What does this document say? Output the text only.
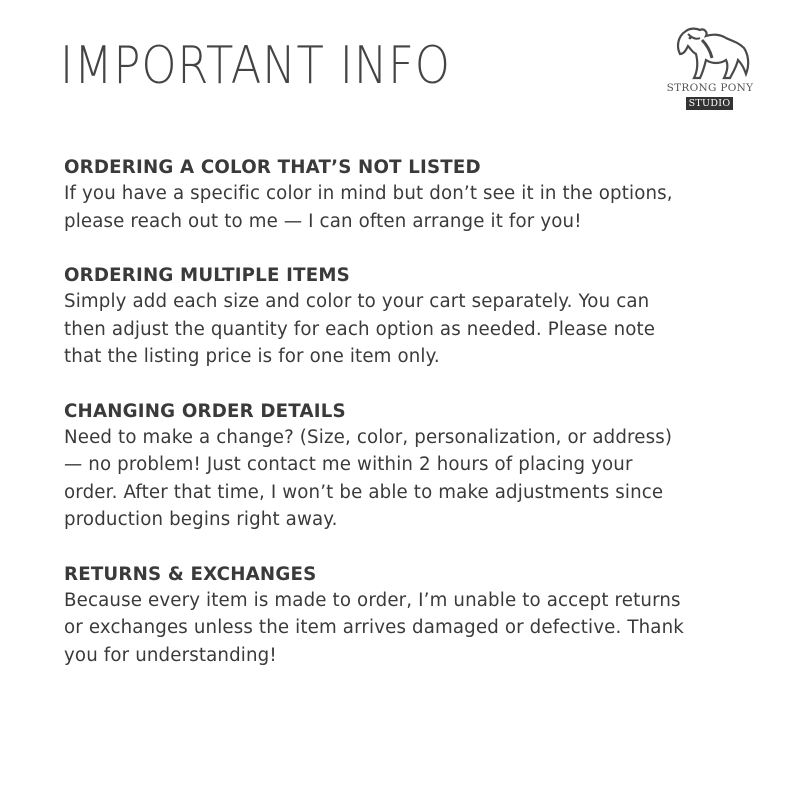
IMPORTANT INFO	STRONG PONY
STUDIO

ORDERING A COLOR THAT’S NOT LISTED

If you have a specific color in mind but don’t see it in the options,
please reach out to me — I can often arrange it for you!

ORDERING MULTIPLE ITEMS

Simply add each size and color to your cart separately. You can
then adjust the quantity for each option as needed. Please note
that the listing price is for one item only.

CHANGING ORDER DETAILS

Need to make a change? (Size, color, personalization, or address)
— no problem! Just contact me within 2 hours of placing your
order. After that time, I won’t be able to make adjustments since
production begins right away.

RETURNS & EXCHANGES

Because every item is made to order, I’m unable to accept returns
or exchanges unless the item arrives damaged or defective. Thank
you for understanding!
